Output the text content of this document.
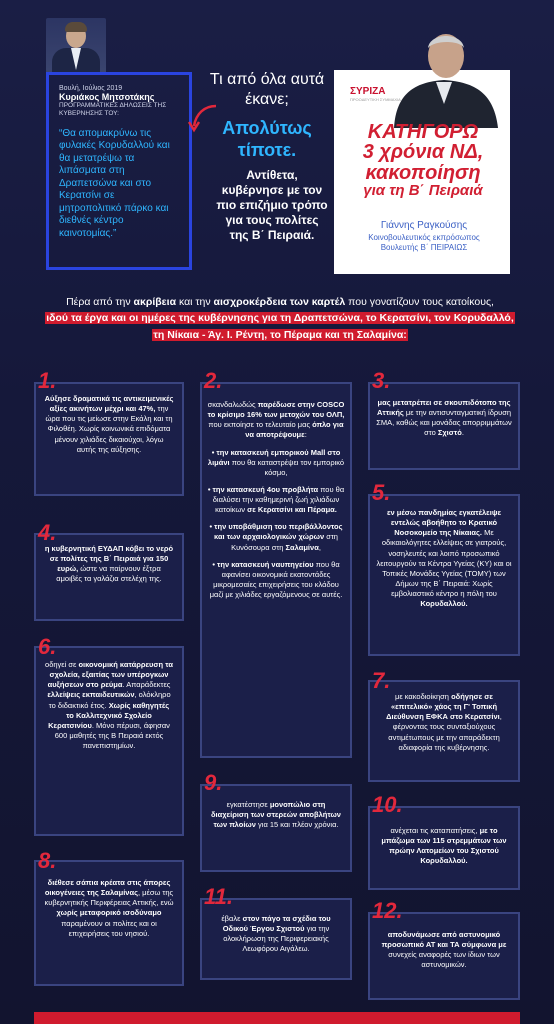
Βουλή, Ιούλιος 2019
Κυριάκος Μητσοτάκης
ΠΡΟΓΡΑΜΜΑΤΙΚΕΣ ΔΗΛΩΣΕΙΣ ΤΗΣ ΚΥΒΕΡΝΗΣΗΣ ΤΟΥ:
“Θα απομακρύνω τις φυλακές Κορυδαλλού και θα μετατρέψω τα λιπάσματα στη Δραπετσώνα και στο Κερατσίνι σε μητροπολιτικό πάρκο και διεθνές κέντρο καινοτομίας.”
Τι από όλα αυτά έκανε;
Απολύτως τίποτε.
Αντίθετα, κυβέρνησε με τον πιο επιζήμιο τρόπο για τους πολίτες της Β΄ Πειραιά.
ΣΥΡΙΖΑ
ΠΡΟΟΔΕΥΤΙΚΗ ΣΥΜΜΑΧΙΑ
ΚΑΤΗΓΟΡΩ
3 χρόνια ΝΔ,
κακοποίηση
για τη Β΄ Πειραιά
Γιάννης Ραγκούσης
Κοινοβουλευτικός εκπρόσωπος
Βουλευτής Β΄ ΠΕΙΡΑΙΩΣ
Πέρα από την ακρίβεια και την αισχροκέρδεια των καρτέλ που γονατίζουν τους κατοίκους,
ιδού τα έργα και οι ημέρες της κυβέρνησης για τη Δραπετσώνα, το Κερατσίνι, τον Κορυδαλλό,
τη Νίκαια - Άγ. Ι. Ρέντη, το Πέραμα και τη Σαλαμίνα:
1.
Αύξησε δραματικά τις αντικειμενικές αξίες ακινήτων μέχρι και 47%, την ώρα που τις μείωσε στην Εκάλη και τη Φιλοθέη. Χωρίς κοινωνικά επιδόματα μένουν χιλιάδες δικαιούχοι, λόγω αυτής της αύξησης.
4.
η κυβερνητική ΕΥΔΑΠ κόβει το νερό σε πολίτες της Β΄ Πειραιά για 150 ευρώ, ώστε να παίρνουν έξτρα αμοιβές τα γαλάζια στελέχη της.
6.
οδηγεί σε οικονομική κατάρρευση τα σχολεία, εξαιτίας των υπέρογκων αυξήσεων στο ρεύμα. Απαράδεκτες ελλείψεις εκπαιδευτικών, ολόκληρο το διδακτικό έτος. Χωρίς καθηγητές το Καλλιτεχνικό Σχολείο Κερατσινίου. Μόνο πέρυσι, άφησαν 600 μαθητές της Β Πειραιά εκτός πανεπιστημίων.
8.
διέθεσε σάπια κρέατα στις άπορες οικογένειες της Σαλαμίνας, μέσω της κυβερνητικής Περιφέρειας Αττικής, ενώ χωρίς μεταφορικό ισοδύναμο παραμένουν οι πολίτες και οι επιχειρήσεις του νησιού.
2.

σκανδαλωδώς παρέδωσε στην COSCO το κρίσιμο 16% των μετοχών του ΟΛΠ, που εκποίησε το τελευταίο μας όπλο για να αποτρέψουμε:

• την κατασκευή εμπορικού Mall στο λιμάνι που θα καταστρέψει τον εμπορικό κόσμο,

• την κατασκευή 4ου προβλήτα που θα διαλύσει την καθημερινή ζωή χιλιάδων κατοίκων σε Κερατσίνι και Πέραμα.

• την υποβάθμιση του περιβάλλοντος και των αρχαιολογικών χώρων στη Κυνόσουρα στη Σαλαμίνα,

• την κατασκευή ναυπηγείου που θα αφανίσει οικονομικά εκατοντάδες μικρομεσαίες επιχειρήσεις του κλάδου μαζί με χιλιάδες εργαζόμενους σε αυτές.

9.
εγκατέστησε μονοπώλιο στη διαχείριση των στερεών αποβλήτων των πλοίων για 15 και πλέον χρόνια.
11.
έβαλε στον πάγο τα σχέδια του Οδικού Έργου Σχιστού για την ολοκλήρωση της Περιφερειακής Λεωφόρου Αιγάλεω.
3.
μας μετατρέπει σε σκουπιδότοπο της Αττικής με την αντισυνταγματική ίδρυση ΣΜΑ, καθώς και μονάδας απορριμμάτων στο Σχιστό.
5.
εν μέσω πανδημίας εγκατέλειψε εντελώς αβοήθητο το Κρατικό Νοσοκομείο της Νίκαιας. Με οδικαιολόγητες ελλείψεις σε γιατρούς, νοσηλευτές και λοιπό προσωπικό λειτουργούν τα Κέντρα Υγείας (ΚΥ) και οι Τοπικές Μονάδες Υγείας (ΤΟΜΥ) των Δήμων της Β΄ Πειραιά: Χωρίς εμβολιαστικό κέντρο η πόλη του Κορυδαλλού.
7.
με κακοδιοίκηση οδήγησε σε «επιτελικό» χάος τη Γ' Τοπική Διεύθυνση ΕΦΚΑ στο Κερατσίνι, φέρνοντας τους συνταξιούχους αντιμέτωπους με την απαράδεκτη αδιαφορία της κυβέρνησης.
10.
ανέχεται τις καταπατήσεις, με το μπάζωμα των 115 στρεμμάτων των πρώην Λατομείων του Σχιστού Κορυδαλλού.
12.
αποδυνάμωσε από αστυνομικό προσωπικό ΑΤ και ΤΑ σύμφωνα με συνεχείς αναφορές των ίδιων των αστυνομικών.
